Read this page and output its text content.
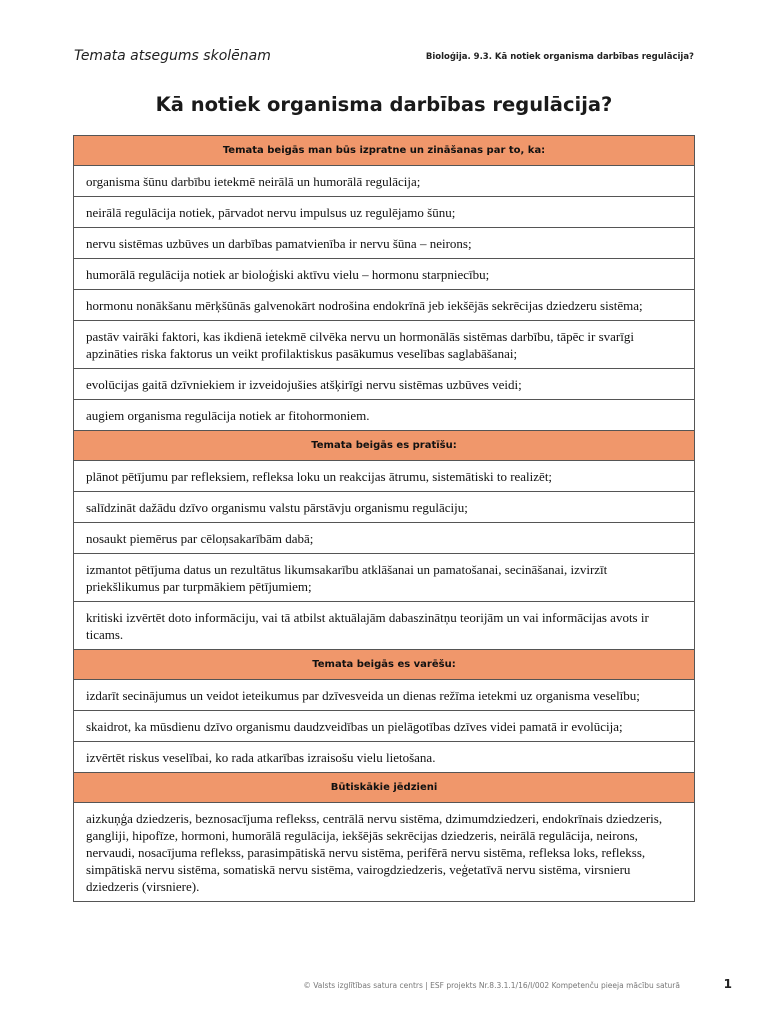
Temata atsegums skolēnam	Bioloģija. 9.3. Kā notiek organisma darbības regulācija?
Kā notiek organisma darbības regulācija?
Temata beigās man būs izpratne un zināšanas par to, ka:
organisma šūnu darbību ietekmē neirālā un humorālā regulācija;
neirālā regulācija notiek, pārvadot nervu impulsus uz regulējamo šūnu;
nervu sistēmas uzbūves un darbības pamatvienība ir nervu šūna – neirons;
humorālā regulācija notiek ar bioloģiski aktīvu vielu – hormonu starpniecību;
hormonu nonākšanu mērķšūnās galvenokārt nodrošina endokrīnā jeb iekšējās sekrēcijas dziedzeru sistēma;
pastāv vairāki faktori, kas ikdienā ietekmē cilvēka nervu un hormonālās sistēmas darbību, tāpēc ir svarīgi apzināties riska faktorus un veikt profilaktiskus pasākumus veselības saglabāšanai;
evolūcijas gaitā dzīvniekiem ir izveidojušies atšķirīgi nervu sistēmas uzbūves veidi;
augiem organisma regulācija notiek ar fitohormoniem.
Temata beigās es pratīšu:
plānot pētījumu par refleksiem, refleksa loku un reakcijas ātrumu, sistemātiski to realizēt;
salīdzināt dažādu dzīvo organismu valstu pārstāvju organismu regulāciju;
nosaukt piemērus par cēloņsakarībām dabā;
izmantot pētījuma datus un rezultātus likumsakarību atklāšanai un pamatošanai, secināšanai, izvirzīt priekšlikumus par turpmākiem pētījumiem;
kritiski izvērtēt doto informāciju, vai tā atbilst aktuālajām dabaszinātņu teorijām un vai informācijas avots ir ticams.
Temata beigās es varēšu:
izdarīt secinājumus un veidot ieteikumus par dzīvesveida un dienas režīma ietekmi uz organisma veselību;
skaidrot, ka mūsdienu dzīvo organismu daudzveidības un pielāgotības dzīves videi pamatā ir evolūcija;
izvērtēt riskus veselībai, ko rada atkarības izraisošu vielu lietošana.
Būtiskākie jēdzieni
aizkuņģa dziedzeris, beznosacījuma reflekss, centrālā nervu sistēma, dzimumdziedzeri, endokrīnais dziedzeris, gangliji, hipofīze, hormoni, humorālā regulācija, iekšējās sekrēcijas dziedzeris, neirālā regulācija, neirons, nervaudi, nosacījuma reflekss, parasimpātiskā nervu sistēma, perifērā nervu sistēma, refleksa loks, reflekss, simpātiskā nervu sistēma, somatiskā nervu sistēma, vairogdziedzeris, veģetatīvā nervu sistēma, virsnieru dziedzeris (virsniere).
© Valsts izglītības satura centrs | ESF projekts Nr.8.3.1.1/16/I/002 Kompetenču pieeja mācību saturā	1
